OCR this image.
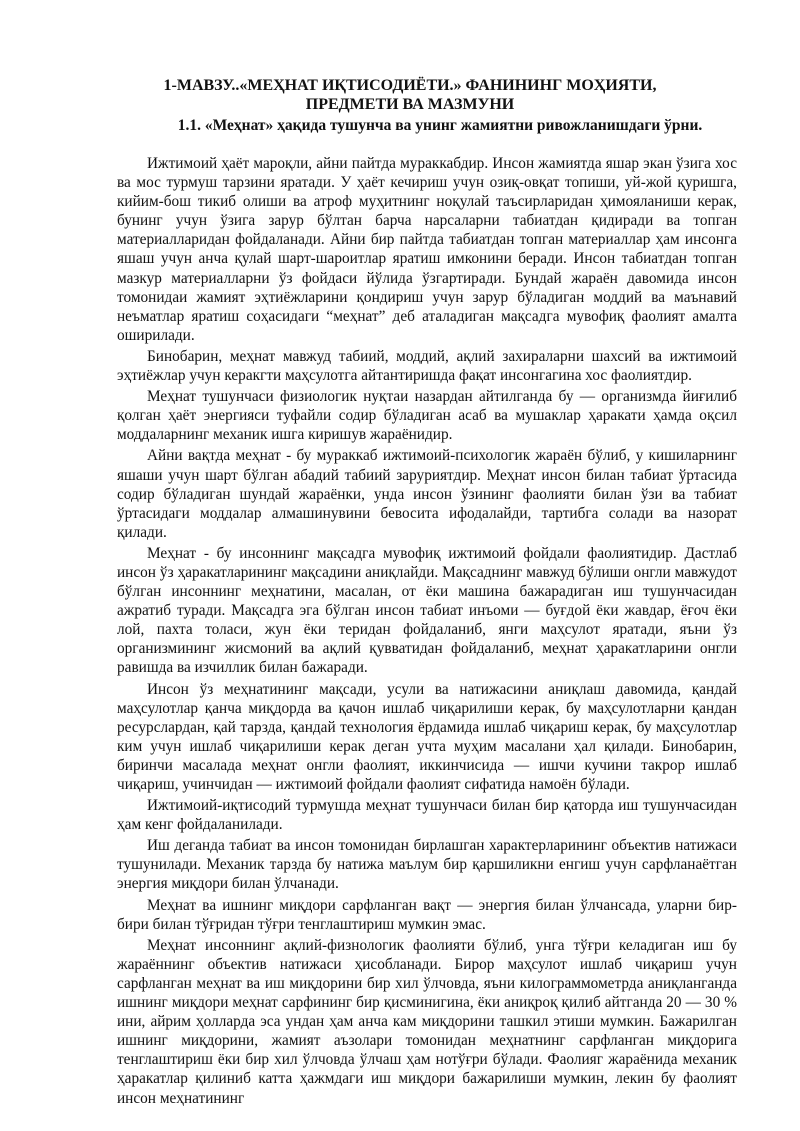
1-МАВЗУ..«МЕҲНАТ ИҚТИСОДИЁТИ.» ФАНИНИНГ МОҲИЯТИ, ПРЕДМЕТИ ВА МАЗМУНИ
1.1. «Меҳнат» ҳақида тушунча ва унинг жамиятни ривожланишдаги ўрни.

Ижтимоий ҳаёт мароқли, айни пайтда мураккабдир. Инсон жамиятда яшар экан ўзига хос ва мос турмуш тарзини яратади. У ҳаёт кечириш учун озиқ-овқат топиши, уй-жой қуришга, кийим-бош тикиб олиши ва атроф муҳитнинг ноқулай таъсирларидан ҳимояланиши керак, бунинг учун ўзига зарур бўлтан барча нарсаларни табиатдан қидиради ва топган материалларидан фойдаланади. Айни бир пайтда табиатдан топган материаллар ҳам инсонга яшаш учун анча қулай шарт-шароитлар яратиш имконини беради. Инсон табиатдан топган мазкур материалларни ўз фойдаси йўлида ўзгартиради. Бундай жараён давомида инсон томонидаи жамият эҳтиёжларини қондириш учун зарур бўладиган моддий ва маънавий неъматлар яратиш соҳасидаги “меҳнат” деб аталадиган мақсадга мувофиқ фаолият амалта оширилади.

Бинобарин, меҳнат мавжуд табиий, моддий, ақлий захираларни шахсий ва ижтимоий эҳтиёжлар учун керакгти маҳсулотга айтантиришда фақат инсонгагина хос фаолиятдир.

Меҳнат тушунчаси физиологик нуқтаи назардан айтилганда бу — организмда йиғилиб қолган ҳаёт энергияси туфайли содир бўладиган асаб ва мушаклар ҳаракати ҳамда оқсил моддаларнинг механик ишга киришув жараёнидир.

Айни вақтда меҳнат - бу мураккаб ижтимоий-психологик жараён бўлиб, у кишиларнинг яшаши учун шарт бўлган абадий табиий заруриятдир. Меҳнат инсон билан табиат ўртасида содир бўладиган шундай жараёнки, унда инсон ўзининг фаолияти билан ўзи ва табиат ўртасидаги моддалар алмашинувини бевосита ифодалайди, тартибга солади ва назорат қилади.

Меҳнат - бу инсоннинг мақсадга мувофиқ ижтимоий фойдали фаолиятидир. Дастлаб инсон ўз ҳаракатларининг мақсадини аниқлайди. Мақсаднинг мавжуд бўлиши онгли мавжудот бўлган инсоннинг меҳнатини, масалан, от ёки машина бажарадиган иш тушунчасидан ажратиб туради. Мақсадга эга бўлган инсон табиат инъоми — буғдой ёки жавдар, ёғоч ёки лой, пахта толаси, жун ёки теридан фойдаланиб, янги маҳсулот яратади, яъни ўз организмининг жисмоний ва ақлий қувватидан фойдаланиб, меҳнат ҳаракатларини онгли равишда ва изчиллик билан бажаради.

Инсон ўз меҳнатининг мақсади, усули ва натижасини аниқлаш давомида, қандай маҳсулотлар қанча миқдорда ва қачон ишлаб чиқарилиши керак, бу маҳсулотларни қандан ресурслардан, қай тарзда, қандай технология ёрдамида ишлаб чиқариш керак, бу маҳсулотлар ким учун ишлаб чиқарилиши керак деган учта муҳим масалани ҳал қилади. Бинобарин, биринчи масалада меҳнат онгли фаолият, иккинчисида — ишчи кучини такрор ишлаб чиқариш, учинчидан — ижтимоий фойдали фаолият сифатида намоён бўлади.

Ижтимоий-иқтисодий турмушда меҳнат тушунчаси билан бир қаторда иш тушунчасидан ҳам кенг фойдаланилади.

Иш деганда табиат ва инсон томонидан бирлашган характерларининг объектив натижаси тушунилади. Механик тарзда бу натижа маълум бир қаршиликни енгиш учун сарфланаётган энергия миқдори билан ўлчанади.

Меҳнат ва ишнинг миқдори сарфланган вақт — энергия билан ўлчансада, уларни бир-бири билан тўғридан тўғри тенглаштириш мумкин эмас.

Меҳнат инсоннинг ақлий-физнологик фаолияти бўлиб, унга тўғри келадиган иш бу жараённинг объектив натижаси ҳисобланади. Бирор маҳсулот ишлаб чиқариш учун сарфланган меҳнат ва иш миқдорини бир хил ўлчовда, яъни килограммометрда аниқланганда ишнинг миқдори меҳнат сарфининг бир қисминигина, ёки аниқроқ қилиб айтганда 20 — 30 % ини, айрим ҳолларда эса ундан ҳам анча кам миқдорини ташкил этиши мумкин. Бажарилган ишнинг миқдорини, жамият аъзолари томонидан меҳнатнинг сарфланган миқдорига тенглаштириш ёки бир хил ўлчовда ўлчаш ҳам нотўғри бўлади. Фаолияг жараёнида механик ҳаракатлар қилиниб катта ҳажмдаги иш миқдори бажарилиши мумкин, лекин бу фаолият инсон меҳнатининг
